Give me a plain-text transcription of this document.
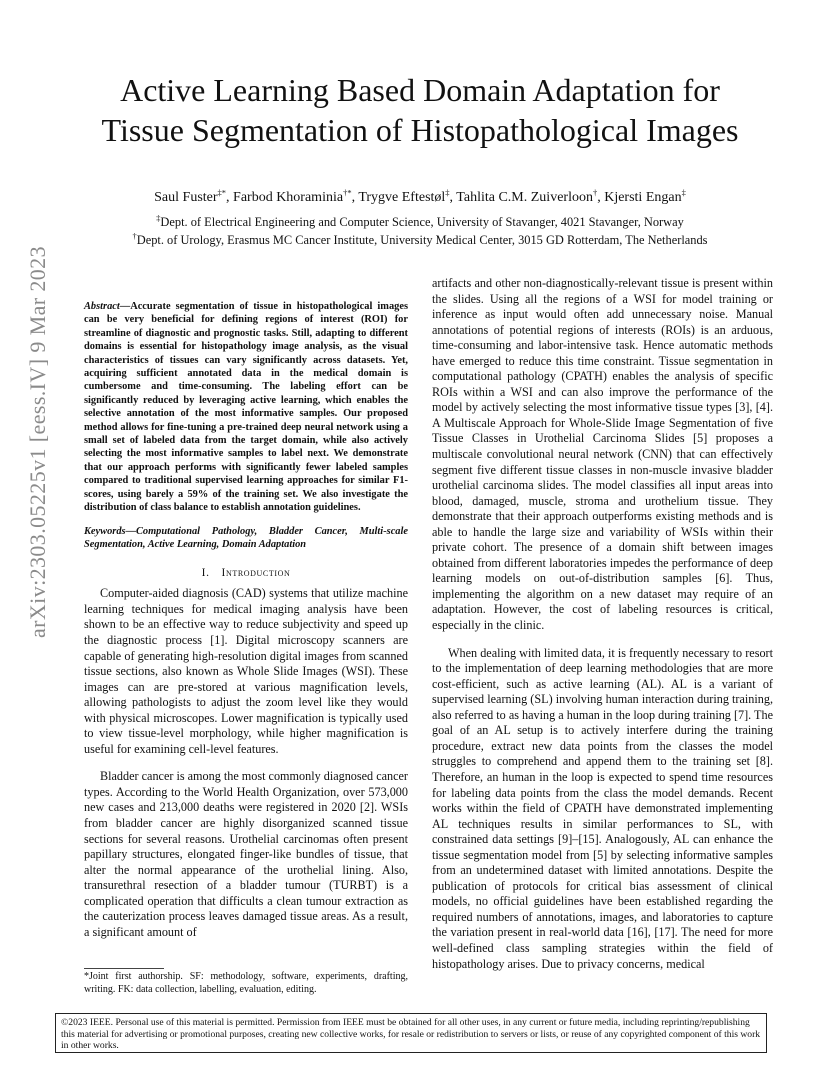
Active Learning Based Domain Adaptation for
Tissue Segmentation of Histopathological Images
Saul Fuster‡*, Farbod Khoraminia†*, Trygve Eftestøl‡, Tahlita C.M. Zuiverloon†, Kjersti Engan‡
‡Dept. of Electrical Engineering and Computer Science, University of Stavanger, 4021 Stavanger, Norway
†Dept. of Urology, Erasmus MC Cancer Institute, University Medical Center, 3015 GD Rotterdam, The Netherlands
arXiv:2303.05225v1 [eess.IV] 9 Mar 2023	Abstract—Accurate segmentation of tissue in histopathological images can be very beneficial for defining regions of interest (ROI) for streamline of diagnostic and prognostic tasks. Still, adapting to different domains is essential for histopathology image analysis, as the visual characteristics of tissues can vary significantly across datasets. Yet, acquiring sufficient annotated data in the medical domain is cumbersome and time-consuming. The labeling effort can be significantly reduced by leveraging active learning, which enables the selective annotation of the most informative samples. Our proposed method allows for fine-tuning a pre-trained deep neural network using a small set of labeled data from the target domain, while also actively selecting the most informative samples to label next. We demonstrate that our approach performs with significantly fewer labeled samples compared to traditional supervised learning approaches for similar F1-scores, using barely a 59% of the training set. We also investigate the distribution of class balance to establish annotation guidelines.

Keywords—Computational Pathology, Bladder Cancer, Multi-scale Segmentation, Active Learning, Domain Adaptation

I. Introduction

Computer-aided diagnosis (CAD) systems that utilize machine learning techniques for medical imaging analysis have been shown to be an effective way to reduce subjectivity and speed up the diagnostic process [1]. Digital microscopy scanners are capable of generating high-resolution digital images from scanned tissue sections, also known as Whole Slide Images (WSI). These images can are pre-stored at various magnification levels, allowing pathologists to adjust the zoom level like they would with physical microscopes. Lower magnification is typically used to view tissue-level morphology, while higher magnification is useful for examining cell-level features.

Bladder cancer is among the most commonly diagnosed cancer types. According to the World Health Organization, over 573,000 new cases and 213,000 deaths were registered in 2020 [2]. WSIs from bladder cancer are highly disorganized scanned tissue sections for several reasons. Urothelial carcinomas often present papillary structures, elongated finger-like bundles of tissue, that alter the normal appearance of the urothelial lining. Also, transurethral resection of a bladder tumour (TURBT) is a complicated operation that difficults a clean tumour extraction as the cauterization process leaves damaged tissue areas. As a result, a significant amount of

*Joint first authorship. SF: methodology, software, experiments, drafting, writing. FK: data collection, labelling, evaluation, editing.

artifacts and other non-diagnostically-relevant tissue is present within the slides. Using all the regions of a WSI for model training or inference as input would often add unnecessary noise. Manual annotations of potential regions of interests (ROIs) is an arduous, time-consuming and labor-intensive task. Hence automatic methods have emerged to reduce this time constraint. Tissue segmentation in computational pathology (CPATH) enables the analysis of specific ROIs within a WSI and can also improve the performance of the model by actively selecting the most informative tissue types [3], [4]. A Multiscale Approach for Whole-Slide Image Segmentation of five Tissue Classes in Urothelial Carcinoma Slides [5] proposes a multiscale convolutional neural network (CNN) that can effectively segment five different tissue classes in non-muscle invasive bladder urothelial carcinoma slides. The model classifies all input areas into blood, damaged, muscle, stroma and urothelium tissue. They demonstrate that their approach outperforms existing methods and is able to handle the large size and variability of WSIs within their private cohort. The presence of a domain shift between images obtained from different laboratories impedes the performance of deep learning models on out-of-distribution samples [6]. Thus, implementing the algorithm on a new dataset may require of an adaptation. However, the cost of labeling resources is critical, especially in the clinic.

When dealing with limited data, it is frequently necessary to resort to the implementation of deep learning methodologies that are more cost-efficient, such as active learning (AL). AL is a variant of supervised learning (SL) involving human interaction during training, also referred to as having a human in the loop during training [7]. The goal of an AL setup is to actively interfere during the training procedure, extract new data points from the classes the model struggles to comprehend and append them to the training set [8]. Therefore, an human in the loop is expected to spend time resources for labeling data points from the class the model demands. Recent works within the field of CPATH have demonstrated implementing AL techniques results in similar performances to SL, with constrained data settings [9]–[15]. Analogously, AL can enhance the tissue segmentation model from [5] by selecting informative samples from an undetermined dataset with limited annotations. Despite the publication of protocols for critical bias assessment of clinical models, no official guidelines have been established regarding the required numbers of annotations, images, and laboratories to capture the variation present in real-world data [16], [17]. The need for more well-defined class sampling strategies within the field of histopathology arises. Due to privacy concerns, medical

©2023 IEEE. Personal use of this material is permitted. Permission from IEEE must be obtained for all other uses, in any current or future media, including reprinting/republishing this material for advertising or promotional purposes, creating new collective works, for resale or redistribution to servers or lists, or reuse of any copyrighted component of this work in other works.
